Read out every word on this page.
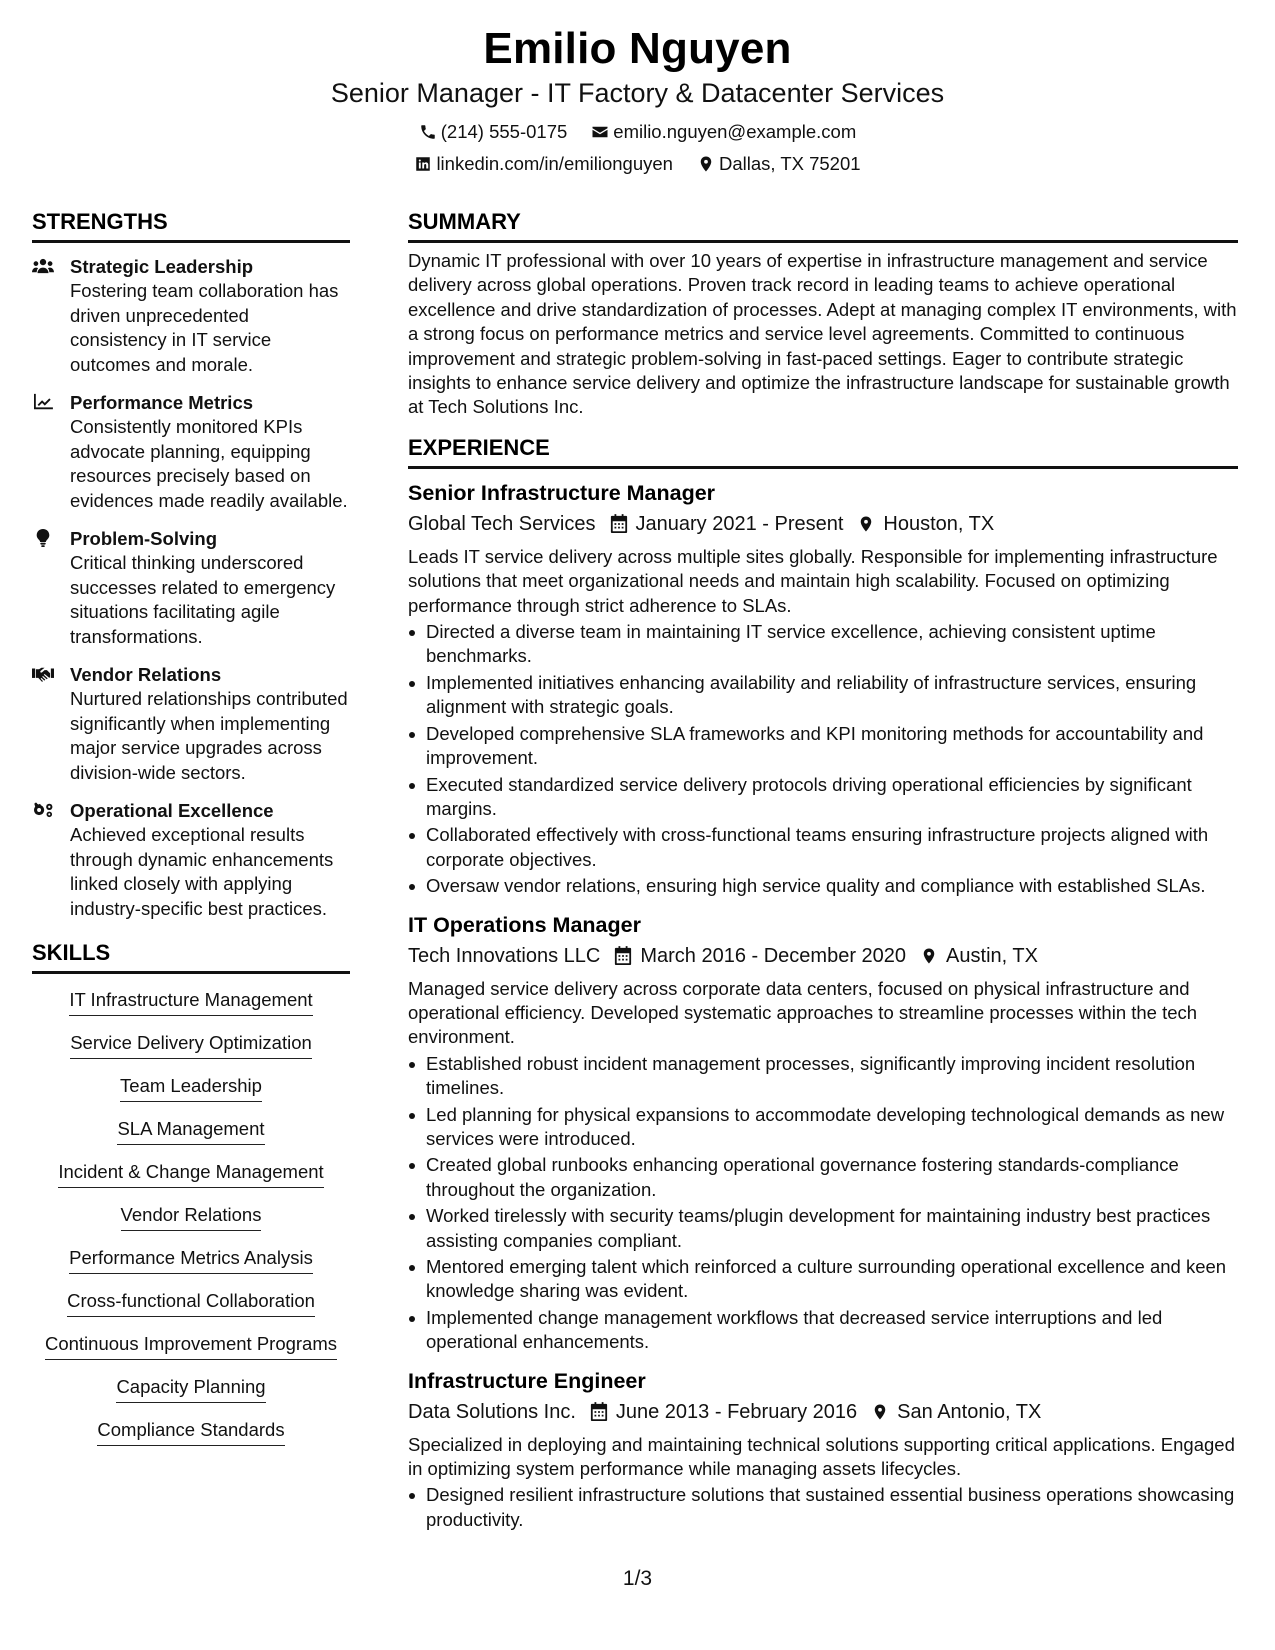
Emilio Nguyen
Senior Manager - IT Factory & Datacenter Services
(214) 555-0175 emilio.nguyen@example.com
linkedin.com/in/emilionguyen Dallas, TX 75201
STRENGTHS
Strategic Leadership
Fostering team collaboration has driven unprecedented consistency in IT service outcomes and morale.
Performance Metrics
Consistently monitored KPIs advocate planning, equipping resources precisely based on evidences made readily available.
Problem-Solving
Critical thinking underscored successes related to emergency situations facilitating agile transformations.
Vendor Relations
Nurtured relationships contributed significantly when implementing major service upgrades across division-wide sectors.
Operational Excellence
Achieved exceptional results through dynamic enhancements linked closely with applying industry-specific best practices.
SKILLS
IT Infrastructure Management
Service Delivery Optimization
Team Leadership
SLA Management
Incident & Change Management
Vendor Relations
Performance Metrics Analysis
Cross-functional Collaboration
Continuous Improvement Programs
Capacity Planning
Compliance Standards
SUMMARY
Dynamic IT professional with over 10 years of expertise in infrastructure management and service delivery across global operations. Proven track record in leading teams to achieve operational excellence and drive standardization of processes. Adept at managing complex IT environments, with a strong focus on performance metrics and service level agreements. Committed to continuous improvement and strategic problem-solving in fast-paced settings. Eager to contribute strategic insights to enhance service delivery and optimize the infrastructure landscape for sustainable growth at Tech Solutions Inc.
EXPERIENCE
Senior Infrastructure Manager
Global Tech Services January 2021 - Present Houston, TX
Leads IT service delivery across multiple sites globally. Responsible for implementing infrastructure solutions that meet organizational needs and maintain high scalability. Focused on optimizing performance through strict adherence to SLAs.
Directed a diverse team in maintaining IT service excellence, achieving consistent uptime benchmarks.
Implemented initiatives enhancing availability and reliability of infrastructure services, ensuring alignment with strategic goals.
Developed comprehensive SLA frameworks and KPI monitoring methods for accountability and improvement.
Executed standardized service delivery protocols driving operational efficiencies by significant margins.
Collaborated effectively with cross-functional teams ensuring infrastructure projects aligned with corporate objectives.
Oversaw vendor relations, ensuring high service quality and compliance with established SLAs.
IT Operations Manager
Tech Innovations LLC March 2016 - December 2020 Austin, TX
Managed service delivery across corporate data centers, focused on physical infrastructure and operational efficiency. Developed systematic approaches to streamline processes within the tech environment.
Established robust incident management processes, significantly improving incident resolution timelines.
Led planning for physical expansions to accommodate developing technological demands as new services were introduced.
Created global runbooks enhancing operational governance fostering standards-compliance throughout the organization.
Worked tirelessly with security teams/plugin development for maintaining industry best practices assisting companies compliant.
Mentored emerging talent which reinforced a culture surrounding operational excellence and keen knowledge sharing was evident.
Implemented change management workflows that decreased service interruptions and led operational enhancements.
Infrastructure Engineer
Data Solutions Inc. June 2013 - February 2016 San Antonio, TX
Specialized in deploying and maintaining technical solutions supporting critical applications. Engaged in optimizing system performance while managing assets lifecycles.
Designed resilient infrastructure solutions that sustained essential business operations showcasing productivity.
1/3
